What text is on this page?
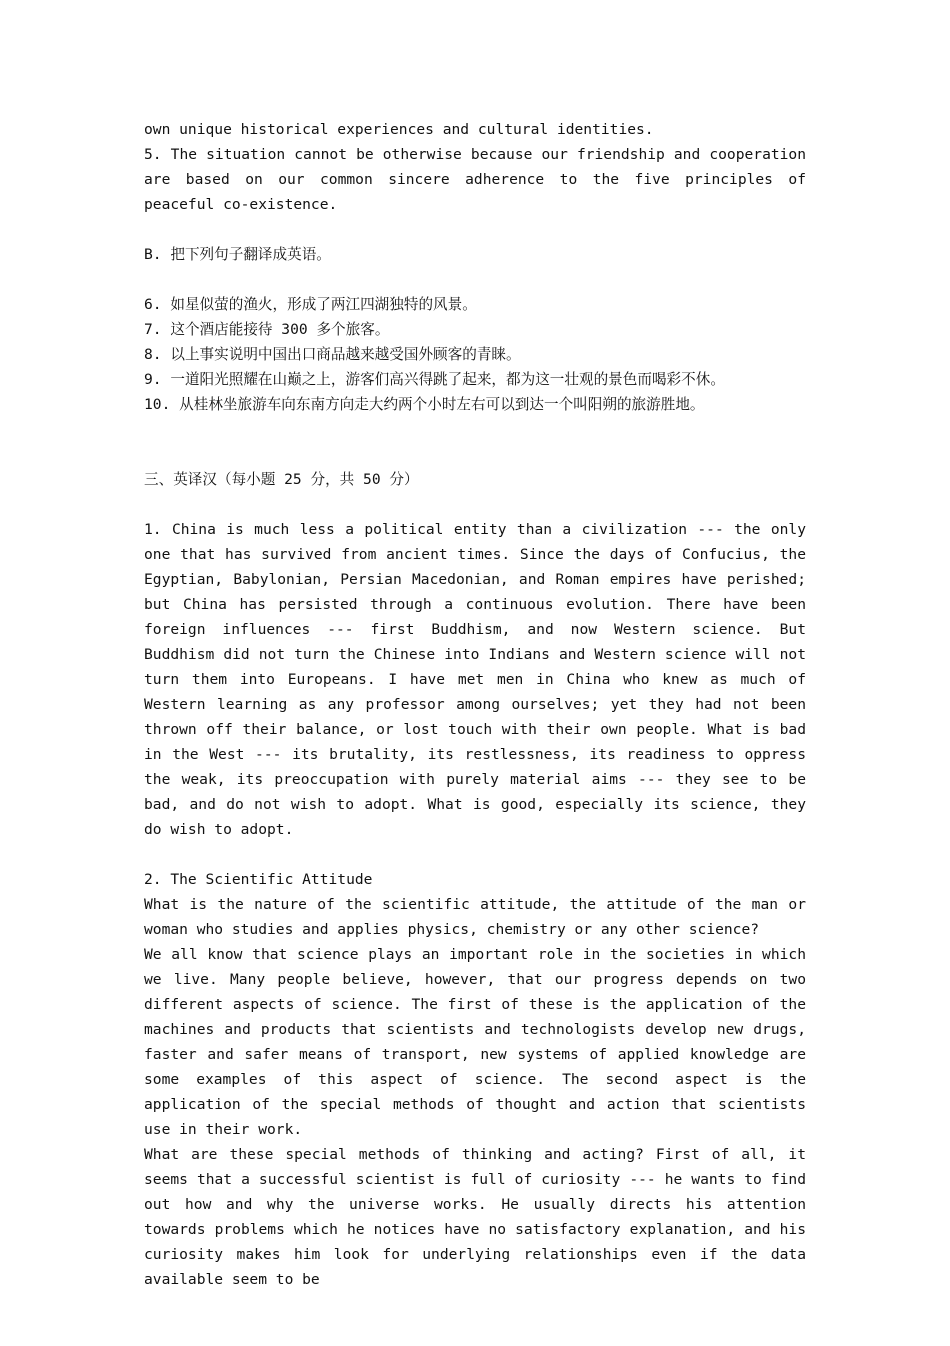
own unique historical experiences and cultural identities.

5. The situation cannot be otherwise because our friendship and cooperation are based on our common sincere adherence to the five principles of peaceful co-existence.

B. 把下列句子翻译成英语。

6. 如星似萤的渔火，形成了两江四湖独特的风景。

7. 这个酒店能接待 300 多个旅客。

8. 以上事实说明中国出口商品越来越受国外顾客的青睐。

9. 一道阳光照耀在山巅之上，游客们高兴得跳了起来，都为这一壮观的景色而喝彩不休。

10. 从桂林坐旅游车向东南方向走大约两个小时左右可以到达一个叫阳朔的旅游胜地。

三、英译汉（每小题 25 分，共 50 分）

1. China is much less a political entity than a civilization --- the only one that has survived from ancient times. Since the days of Confucius, the Egyptian, Babylonian, Persian Macedonian, and Roman empires have perished; but China has persisted through a continuous evolution. There have been foreign influences --- first Buddhism, and now Western science. But Buddhism did not turn the Chinese into Indians and Western science will not turn them into Europeans. I have met men in China who knew as much of Western learning as any professor among ourselves; yet they had not been thrown off their balance, or lost touch with their own people. What is bad in the West --- its brutality, its restlessness, its readiness to oppress the weak, its preoccupation with purely material aims --- they see to be bad, and do not wish to adopt. What is good, especially its science, they do wish to adopt.

2. The Scientific Attitude

What is the nature of the scientific attitude, the attitude of the man or woman who studies and applies physics, chemistry or any other science?

We all know that science plays an important role in the societies in which we live. Many people believe, however, that our progress depends on two different aspects of science. The first of these is the application of the machines and products that scientists and technologists develop new drugs, faster and safer means of transport, new systems of applied knowledge are some examples of this aspect of science. The second aspect is the application of the special methods of thought and action that scientists use in their work.

What are these special methods of thinking and acting? First of all, it seems that a successful scientist is full of curiosity --- he wants to find out how and why the universe works. He usually directs his attention towards problems which he notices have no satisfactory explanation, and his curiosity makes him look for underlying relationships even if the data available seem to be
